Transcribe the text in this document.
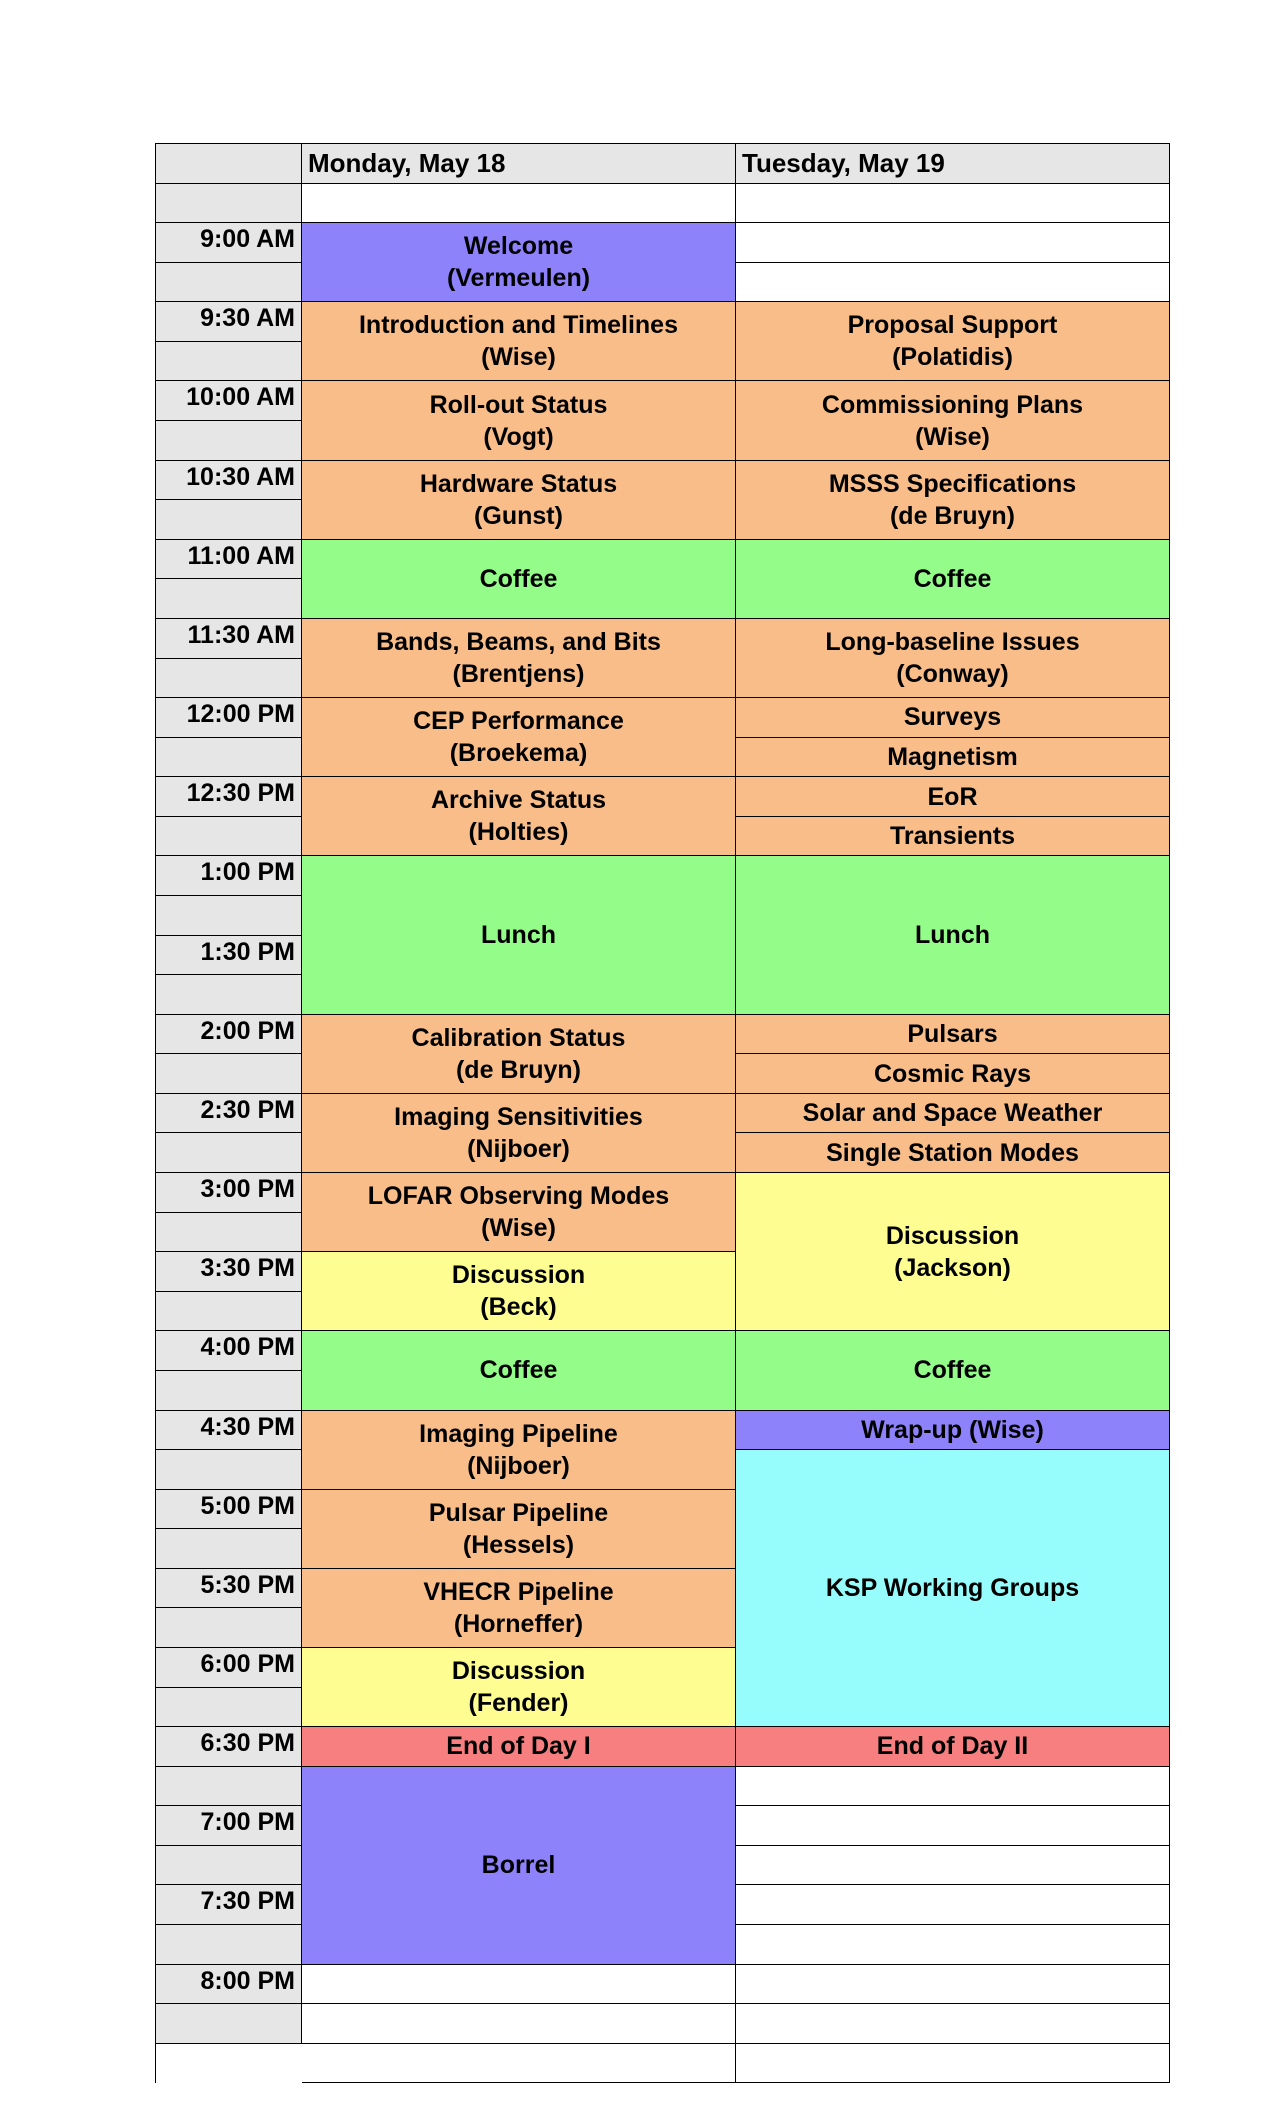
Monday, May 18	Tuesday, May 19
9:00 AM
9:30 AM
10:00 AM
10:30 AM
11:00 AM
11:30 AM
12:00 PM
12:30 PM
1:00 PM
1:30 PM
2:00 PM
2:30 PM
3:00 PM
3:30 PM
4:00 PM
4:30 PM
5:00 PM
5:30 PM
6:00 PM
6:30 PM
7:00 PM
7:30 PM
8:00 PM
Welcome
(Vermeulen)
Introduction and Timelines
(Wise)
Roll-out Status
(Vogt)
Hardware Status
(Gunst)
Coffee
Bands, Beams, and Bits
(Brentjens)
CEP Performance
(Broekema)
Archive Status
(Holties)
Lunch
Calibration Status
(de Bruyn)
Imaging Sensitivities
(Nijboer)
LOFAR Observing Modes
(Wise)
Discussion
(Beck)
Coffee
Imaging Pipeline
(Nijboer)
Pulsar Pipeline
(Hessels)
VHECR Pipeline
(Horneffer)
Discussion
(Fender)
End of Day I
Borrel
Proposal Support
(Polatidis)
Commissioning Plans
(Wise)
MSSS Specifications
(de Bruyn)
Coffee
Long-baseline Issues
(Conway)
Surveys
Magnetism
EoR
Transients
Lunch
Pulsars
Cosmic Rays
Solar and Space Weather
Single Station Modes
Discussion
(Jackson)
Coffee
Wrap-up (Wise)
KSP Working Groups
End of Day II
